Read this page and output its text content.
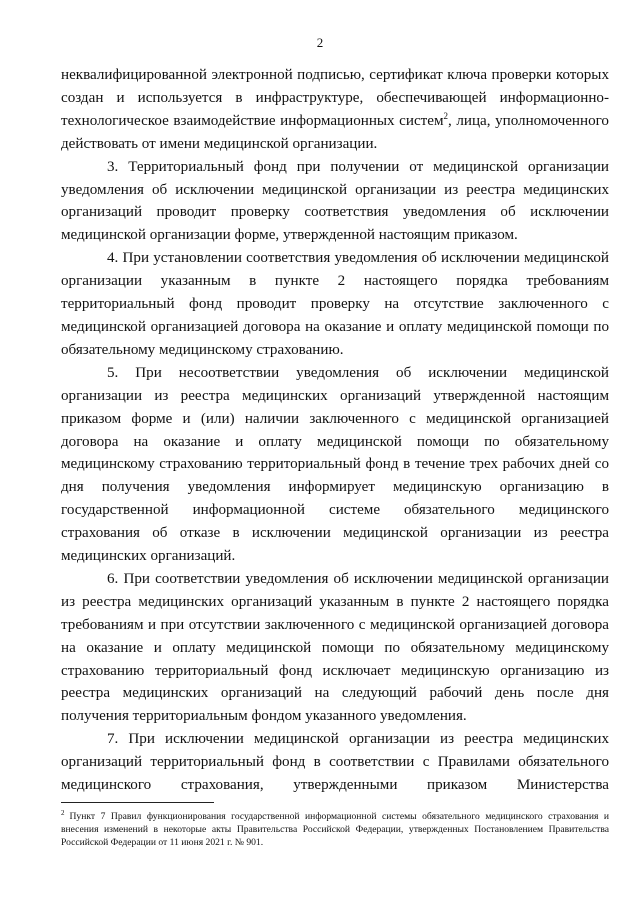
2

неквалифицированной электронной подписью, сертификат ключа проверки которых создан и используется в инфраструктуре, обеспечивающей информационно-технологическое взаимодействие информационных систем$^2$, лица, уполномоченного действовать от имени медицинской организации.

3. Территориальный фонд при получении от медицинской организации уведомления об исключении медицинской организации из реестра медицинских организаций проводит проверку соответствия уведомления об исключении медицинской организации форме, утвержденной настоящим приказом.

4. При установлении соответствия уведомления об исключении медицинской организации указанным в пункте 2 настоящего порядка требованиям территориальный фонд проводит проверку на отсутствие заключенного с медицинской организацией договора на оказание и оплату медицинской помощи по обязательному медицинскому страхованию.

5. При несоответствии уведомления об исключении медицинской организации из реестра медицинских организаций утвержденной настоящим приказом форме и (или) наличии заключенного с медицинской организацией договора на оказание и оплату медицинской помощи по обязательному медицинскому страхованию территориальный фонд в течение трех рабочих дней со дня получения уведомления информирует медицинскую организацию в государственной информационной системе обязательного медицинского страхования об отказе в исключении медицинской организации из реестра медицинских организаций.

6. При соответствии уведомления об исключении медицинской организации из реестра медицинских организаций указанным в пункте 2 настоящего порядка требованиям и при отсутствии заключенного с медицинской организацией договора на оказание и оплату медицинской помощи по обязательному медицинскому страхованию территориальный фонд исключает медицинскую организацию из реестра медицинских организаций на следующий рабочий день после дня получения территориальным фондом указанного уведомления.

7. При исключении медицинской организации из реестра медицинских организаций территориальный фонд в соответствии с Правилами обязательного медицинского страхования, утвержденными приказом Министерства

$^2$ Пункт 7 Правил функционирования государственной информационной системы обязательного медицинского страхования и внесения изменений в некоторые акты Правительства Российской Федерации, утвержденных Постановлением Правительства Российской Федерации от 11 июня 2021 г. № 901.
